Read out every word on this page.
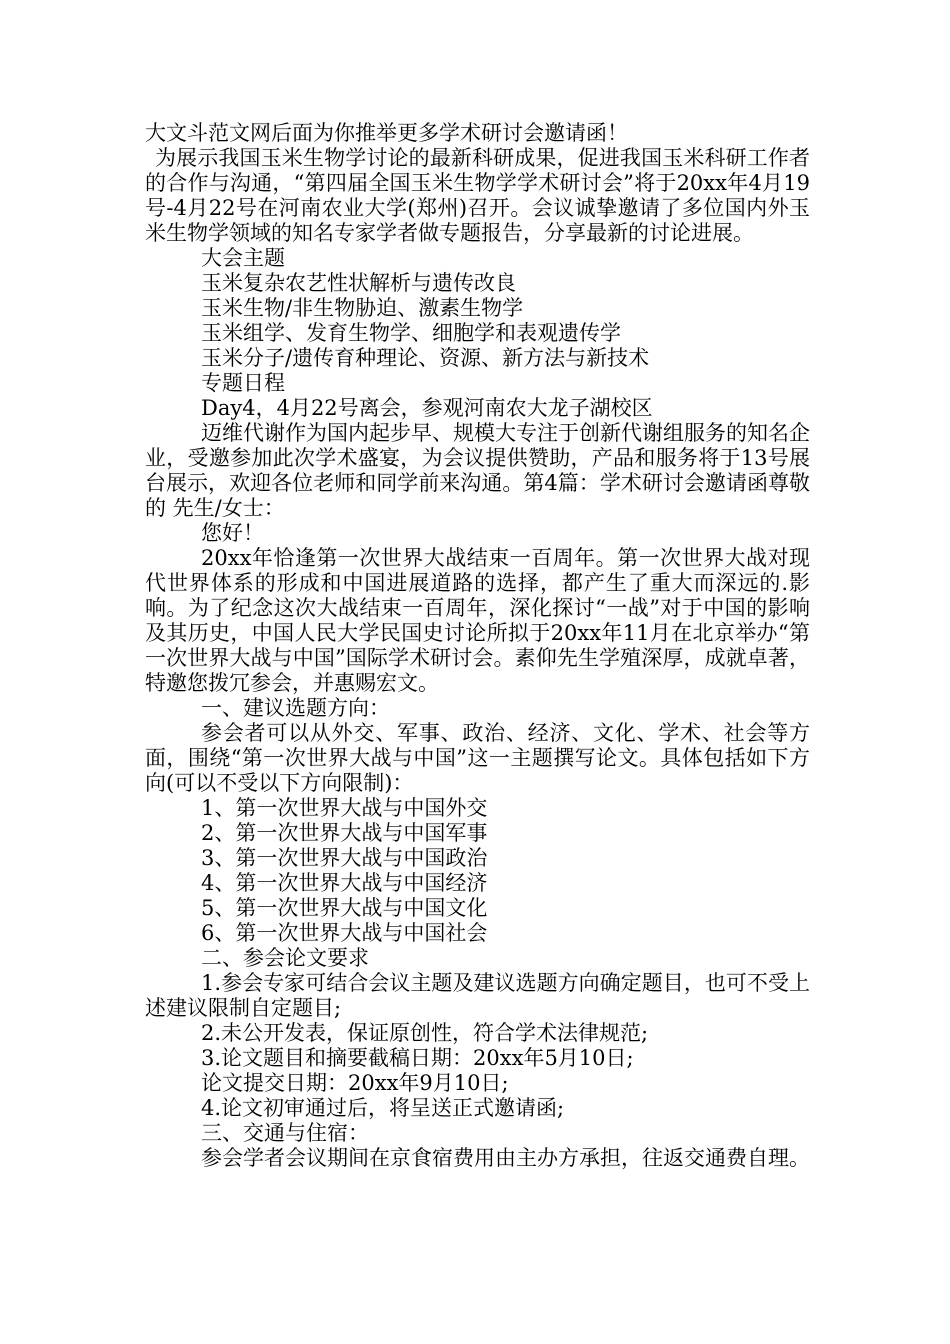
大文斗范文网后面为你推举更多学术研讨会邀请函！

为展示我国玉米生物学讨论的最新科研成果，促进我国玉米科研工作者的合作与沟通，“第四届全国玉米生物学学术研讨会”将于20xx年4月19号-4月22号在河南农业大学(郑州)召开。会议诚挚邀请了多位国内外玉米生物学领域的知名专家学者做专题报告，分享最新的讨论进展。

大会主题

玉米复杂农艺性状解析与遗传改良

玉米生物/非生物胁迫、激素生物学

玉米组学、发育生物学、细胞学和表观遗传学

玉米分子/遗传育种理论、资源、新方法与新技术

专题日程

Day4，4月22号离会，参观河南农大龙子湖校区

迈维代谢作为国内起步早、规模大专注于创新代谢组服务的知名企业，受邀参加此次学术盛宴，为会议提供赞助，产品和服务将于13号展台展示，欢迎各位老师和同学前来沟通。第4篇：学术研讨会邀请函尊敬的 先生/女士：

您好！

20xx年恰逢第一次世界大战结束一百周年。第一次世界大战对现代世界体系的形成和中国进展道路的选择，都产生了重大而深远的.影响。为了纪念这次大战结束一百周年，深化探讨“一战”对于中国的影响及其历史，中国人民大学民国史讨论所拟于20xx年11月在北京举办“第一次世界大战与中国”国际学术研讨会。素仰先生学殖深厚，成就卓著，特邀您拨冗参会，并惠赐宏文。

一、建议选题方向：

参会者可以从外交、军事、政治、经济、文化、学术、社会等方面，围绕“第一次世界大战与中国”这一主题撰写论文。具体包括如下方向(可以不受以下方向限制)：

1、第一次世界大战与中国外交

2、第一次世界大战与中国军事

3、第一次世界大战与中国政治

4、第一次世界大战与中国经济

5、第一次世界大战与中国文化

6、第一次世界大战与中国社会

二、参会论文要求

1.参会专家可结合会议主题及建议选题方向确定题目，也可不受上述建议限制自定题目;

2.未公开发表，保证原创性，符合学术法律规范;

3.论文题目和摘要截稿日期：20xx年5月10日;

论文提交日期：20xx年9月10日;

4.论文初审通过后，将呈送正式邀请函;

三、交通与住宿：

参会学者会议期间在京食宿费用由主办方承担，往返交通费自理。
